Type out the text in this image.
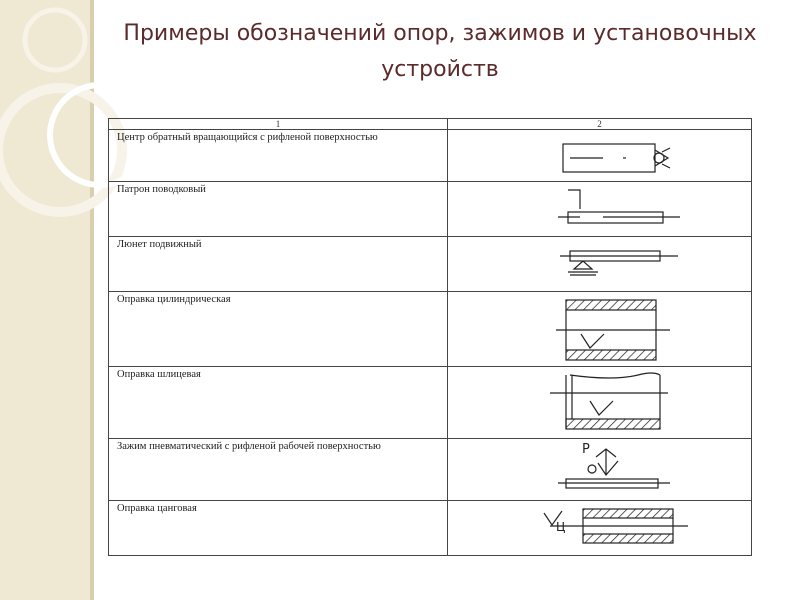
Примеры обозначений опор, зажимов и установочных устройств
1	2

Центр обратный вращающийся с рифленой поверхностью

Патрон поводковый

Люнет подвижный

Оправка цилиндрическая

Оправка шлицевая

Зажим пневматический с рифленой рабочей поверхностью	P

Оправка цанговая	Ц
